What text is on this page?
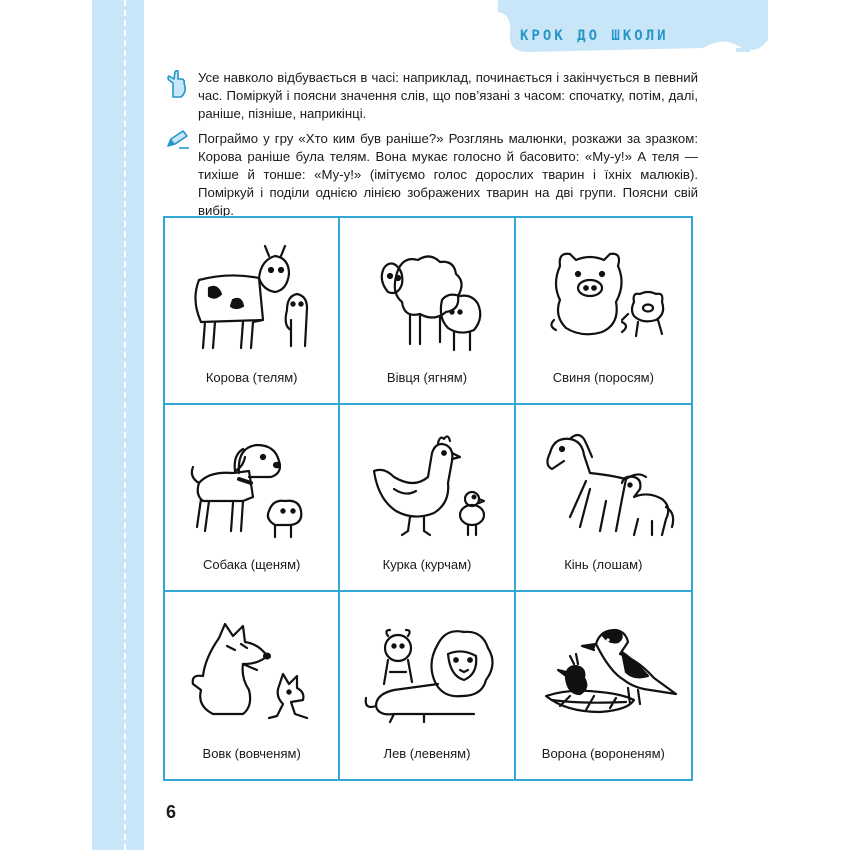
КРОК ДО ШКОЛИ
Усе навколо відбувається в часі: наприклад, починається і закінчується в певний час. Поміркуй і поясни значення слів, що пов’язані з часом: спочатку, потім, далі, раніше, пізніше, наприкінці.
Пограймо у гру «Хто ким був раніше?» Розглянь малюнки, розкажи за зразком: Корова раніше була телям. Вона мукає голосно й басовито: «Му-у!» А теля — тихіше й тонше: «Му-у!» (імітуємо голос дорослих тварин і їхніх малюків). Поміркуй і поділи однією лінією зображених тварин на дві групи. Поясни свій вибір.
Корова (телям)	Вівця (ягням)	Свиня (поросям)
Собака (щеням)	Курка (курчам)	Кінь (лошам)
Вовк (вовченям)	Лев (левеням)	Ворона (вороненям)
6
